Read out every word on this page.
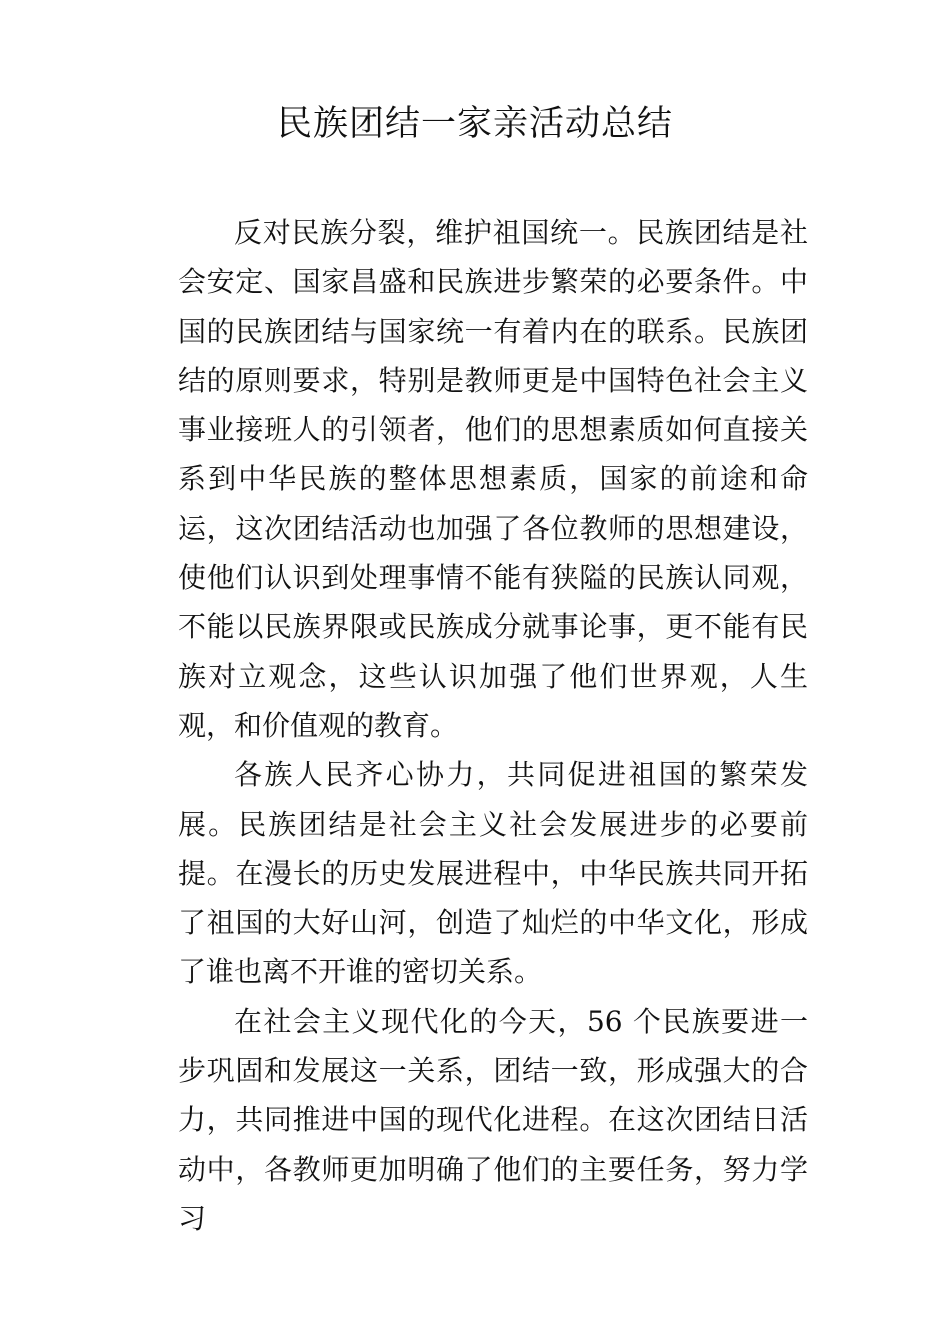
民族团结一家亲活动总结

反对民族分裂，维护祖国统一。民族团结是社会安定、国家昌盛和民族进步繁荣的必要条件。中国的民族团结与国家统一有着内在的联系。民族团结的原则要求，特别是教师更是中国特色社会主义事业接班人的引领者，他们的思想素质如何直接关系到中华民族的整体思想素质，国家的前途和命运，这次团结活动也加强了各位教师的思想建设，使他们认识到处理事情不能有狭隘的民族认同观，不能以民族界限或民族成分就事论事，更不能有民族对立观念，这些认识加强了他们世界观，人生观，和价值观的教育。

各族人民齐心协力，共同促进祖国的繁荣发展。民族团结是社会主义社会发展进步的必要前提。在漫长的历史发展进程中，中华民族共同开拓了祖国的大好山河，创造了灿烂的中华文化，形成了谁也离不开谁的密切关系。

在社会主义现代化的今天，56 个民族要进一步巩固和发展这一关系，团结一致，形成强大的合力，共同推进中国的现代化进程。在这次团结日活动中，各教师更加明确了他们的主要任务，努力学习
